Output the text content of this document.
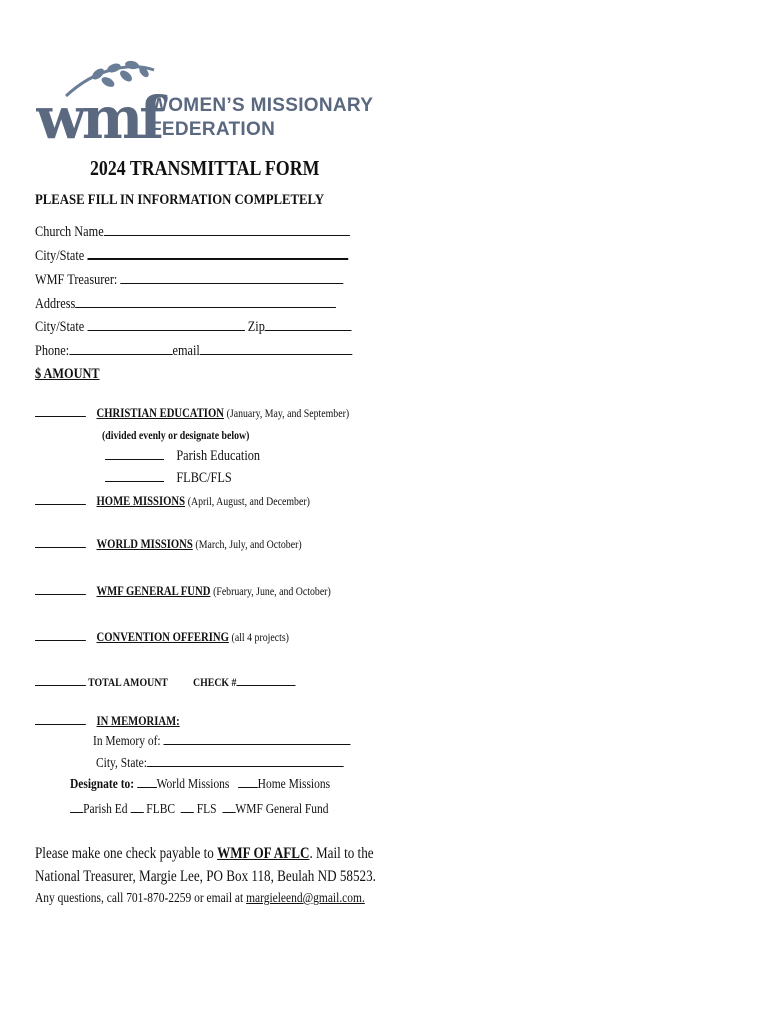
wmf
WOMEN’S MISSIONARY
FEDERATION
2024 TRANSMITTAL FORM
PLEASE FILL IN INFORMATION COMPLETELY
Church Name
City/State
WMF Treasurer:
Address
City/State	Zip
Phone:	email
$ AMOUNT
CHRISTIAN EDUCATION (January, May, and September)
(divided evenly or designate below)
Parish Education
FLBC/FLS
HOME MISSIONS (April, August, and December)
WORLD MISSIONS (March, July, and October)
WMF GENERAL FUND (February, June, and October)
CONVENTION OFFERING (all 4 projects)
TOTAL AMOUNT CHECK #
IN MEMORIAM:
In Memory of:
City, State:
Designate to: World Missions Home Missions
Parish Ed FLBC FLS WMF General Fund
Please make one check payable to WMF OF AFLC. Mail to the
National Treasurer, Margie Lee, PO Box 118, Beulah ND 58523.
Any questions, call 701-870-2259 or email at margieleend@gmail.com.
